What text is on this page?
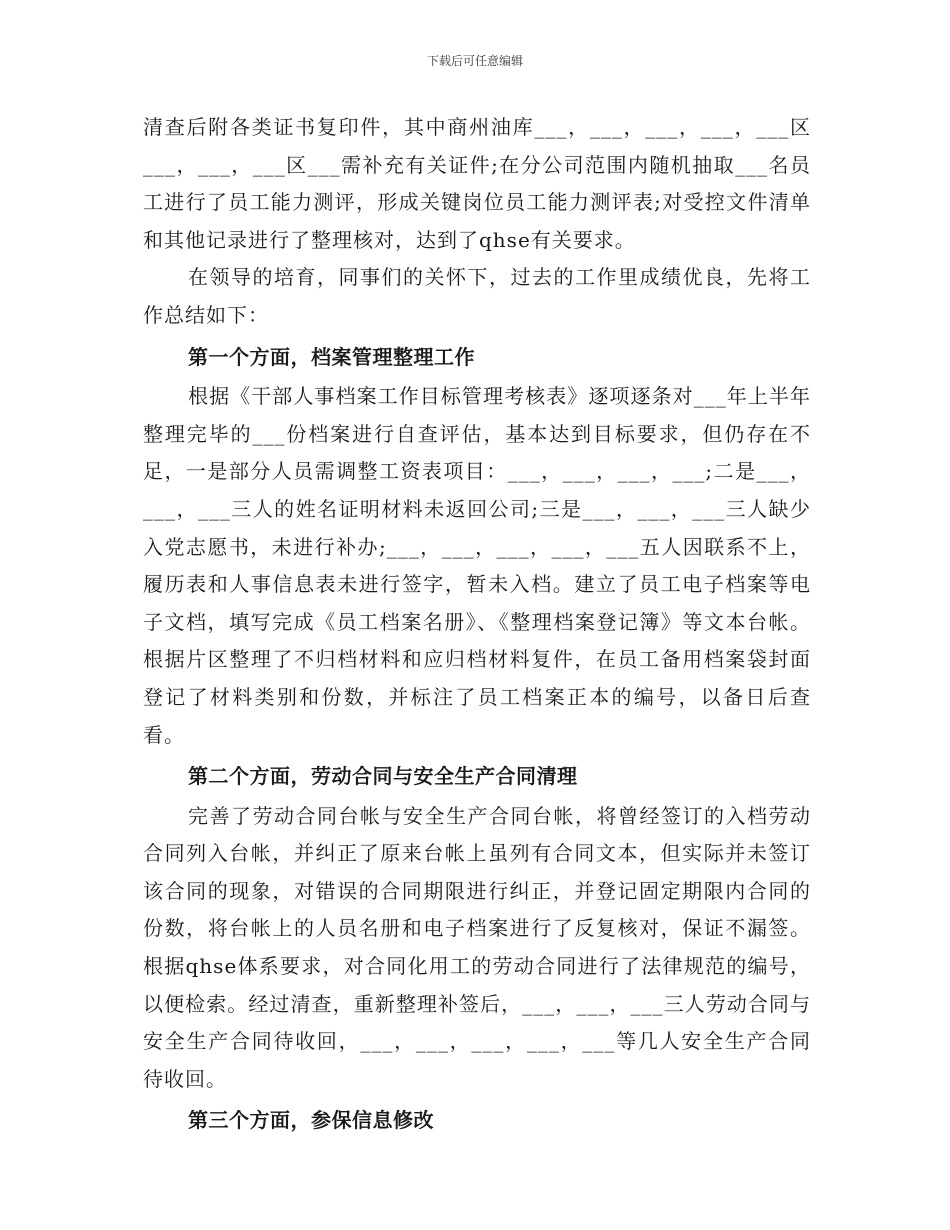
下载后可任意编辑

清查后附各类证书复印件，其中商州油库___，___，___，___，___区___，___，___区___需补充有关证件;在分公司范围内随机抽取___名员工进行了员工能力测评，形成关键岗位员工能力测评表;对受控文件清单和其他记录进行了整理核对，达到了qhse有关要求。

在领导的培育，同事们的关怀下，过去的工作里成绩优良，先将工作总结如下：

第一个方面，档案管理整理工作

根据《干部人事档案工作目标管理考核表》逐项逐条对___年上半年整理完毕的___份档案进行自查评估，基本达到目标要求，但仍存在不足，一是部分人员需调整工资表项目：___，___，___，___;二是___，___，___三人的姓名证明材料未返回公司;三是___，___，___三人缺少入党志愿书，未进行补办;___，___，___，___，___五人因联系不上，履历表和人事信息表未进行签字，暂未入档。建立了员工电子档案等电子文档，填写完成《员工档案名册》、《整理档案登记簿》等文本台帐。根据片区整理了不归档材料和应归档材料复件，在员工备用档案袋封面登记了材料类别和份数，并标注了员工档案正本的编号，以备日后查看。

第二个方面，劳动合同与安全生产合同清理

完善了劳动合同台帐与安全生产合同台帐，将曾经签订的入档劳动合同列入台帐，并纠正了原来台帐上虽列有合同文本，但实际并未签订该合同的现象，对错误的合同期限进行纠正，并登记固定期限内合同的份数，将台帐上的人员名册和电子档案进行了反复核对，保证不漏签。根据qhse体系要求，对合同化用工的劳动合同进行了法律规范的编号，以便检索。经过清查，重新整理补签后，___，___，___三人劳动合同与安全生产合同待收回，___，___，___，___，___等几人安全生产合同待收回。

第三个方面，参保信息修改
